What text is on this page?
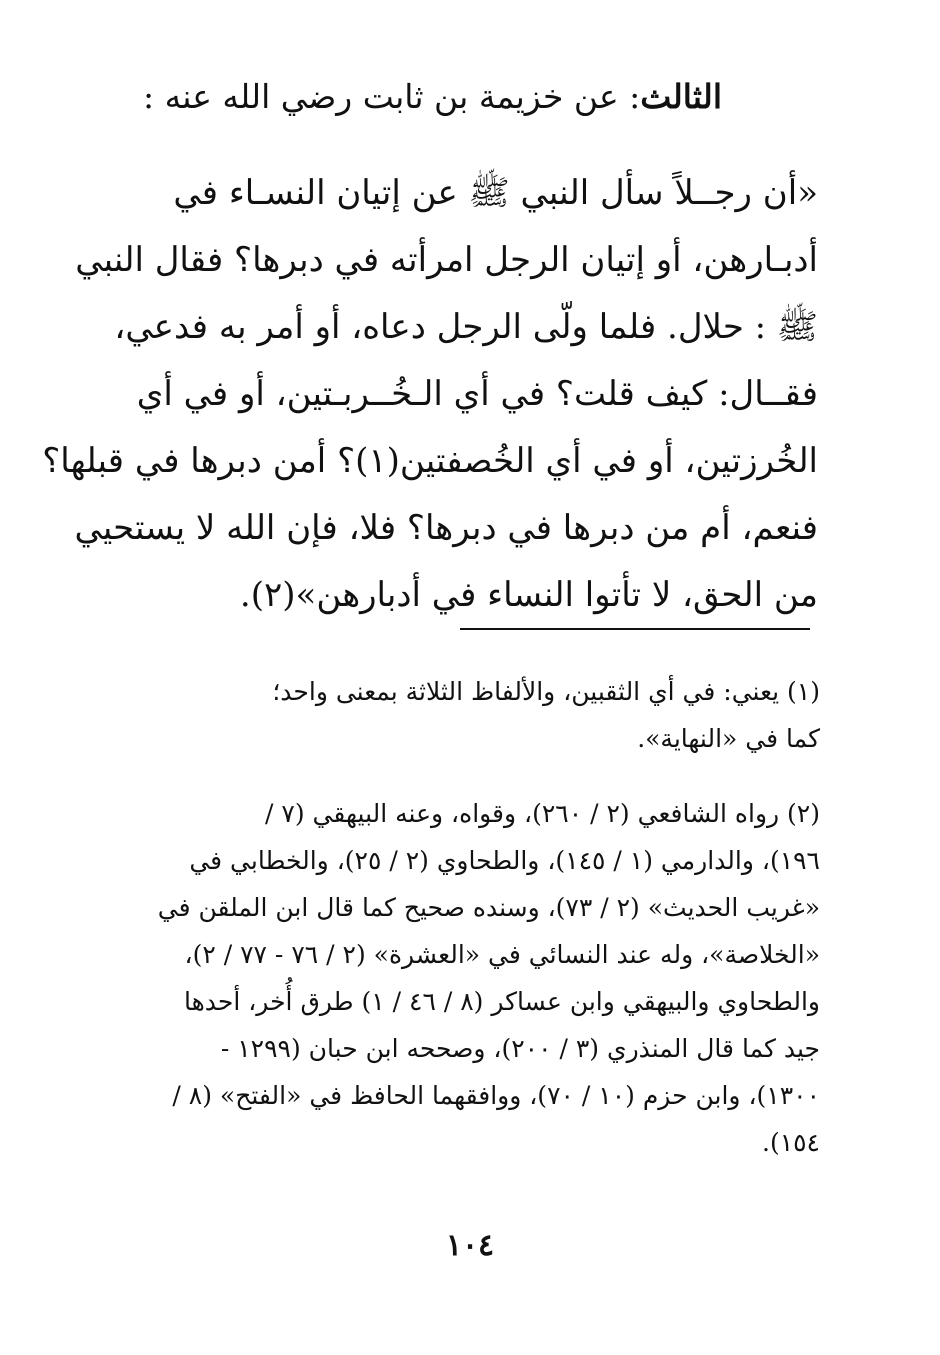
الثالث: عن خزيمة بن ثابت رضي الله عنه :
«أن رجــلاً سأل النبي ﷺ عن إتيان النسـاء في
أدبـارهن، أو إتيان الرجل امرأته في دبرها؟ فقال النبي
ﷺ : حلال. فلما ولّى الرجل دعاه، أو أمر به فدعي،
فقــال: كيف قلت؟ في أي الـخُــربـتين، أو في أي
الخُرزتين، أو في أي الخُصفتين(١)؟ أمن دبرها في قبلها؟
فنعم، أم من دبرها في دبرها؟ فلا، فإن الله لا يستحيي
من الحق، لا تأتوا النساء في أدبارهن»(٢).
(١) يعني: في أي الثقبين، والألفاظ الثلاثة بمعنى واحد؛
كما في «النهاية».
(٢) رواه الشافعي (٢ / ٢٦٠)، وقواه، وعنه البيهقي (٧ /
١٩٦)، والدارمي (١ / ١٤٥)، والطحاوي (٢ / ٢٥)، والخطابي في
«غريب الحديث» (٢ / ٧٣)، وسنده صحيح كما قال ابن الملقن في
«الخلاصة»، وله عند النسائي في «العشرة» (٢ / ٧٦ - ٧٧ / ٢)،
والطحاوي والبيهقي وابن عساكر (٨ / ٤٦ / ١) طرق أُخر، أحدها
جيد كما قال المنذري (٣ / ٢٠٠)، وصححه ابن حبان (١٢٩٩ -
١٣٠٠)، وابن حزم (١٠ / ٧٠)، ووافقهما الحافظ في «الفتح» (٨ /
١٥٤).
١٠٤
